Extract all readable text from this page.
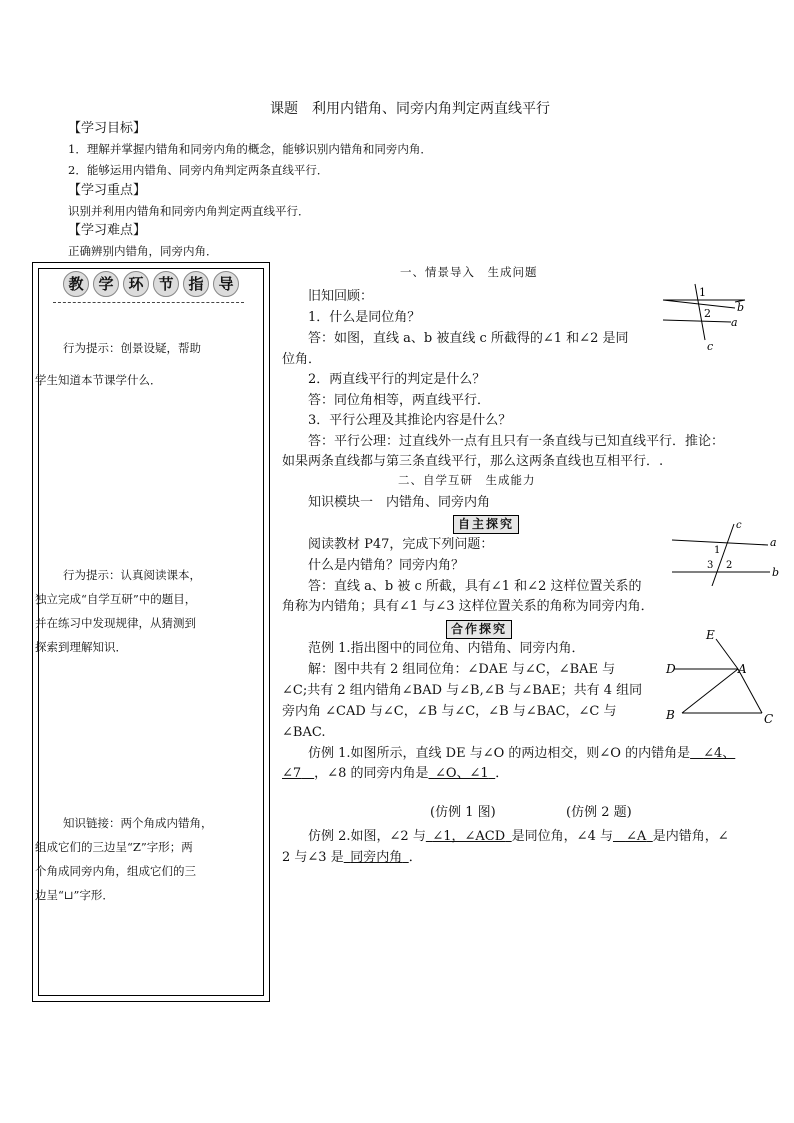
课题　利用内错角、同旁内角判定两直线平行
【学习目标】
1．理解并掌握内错角和同旁内角的概念，能够识别内错角和同旁内角．
2．能够运用内错角、同旁内角判定两条直线平行．
【学习重点】
识别并利用内错角和同旁内角判定两直线平行．
【学习难点】
正确辨别内错角，同旁内角．
教 学 环 节 指 导
行为提示：创景设疑，帮助
学生知道本节课学什么．
行为提示：认真阅读课本，
独立完成“自学互研”中的题目，
并在练习中发现规律，从猜测到
探索到理解知识．
知识链接：两个角成内错角，
组成它们的三边呈“Z”字形；两
个角成同旁内角，组成它们的三
边呈“⊔”字形．
一、情景导入　生成问题
旧知回顾：
1．什么是同位角？
答：如图，直线 a、b 被直线 c 所截得的∠1 和∠2 是同
位角．
2．两直线平行的判定是什么？
答：同位角相等，两直线平行．
3．平行公理及其推论内容是什么？
答：平行公理：过直线外一点有且只有一条直线与已知直线平行．推论：
如果两条直线都与第三条直线平行，那么这两条直线也互相平行．.
1
2 b
a
c
二、自学互研　生成能力
知识模块一　内错角、同旁内角
自主探究
阅读教材 P47，完成下列问题：
什么是内错角？同旁内角？
答：直线 a、b 被 c 所截，具有∠1 和∠2 这样位置关系的
角称为内错角；具有∠1 与∠3 这样位置关系的角称为同旁内角．
c
a
b
1
2
3
合作探究
范例 1.指出图中的同位角、内错角、同旁内角．
解：图中共有 2 组同位角：∠DAE 与∠C，∠BAE 与
∠C;共有 2 组内错角∠BAD 与∠B,∠B 与∠BAE；共有 4 组同
旁内角 ∠CAD 与∠C，∠B 与∠C，∠B 与∠BAC，∠C 与
∠BAC.
D
E
A
B	C
仿例 1.如图所示，直线 DE 与∠O 的两边相交，则∠O 的内错角是  ∠4、
∠7  ，∠8 的同旁内角是  ∠O、∠1  ．
(仿例 1 图)	(仿例 2 题)
仿例 2.如图，∠2 与  ∠1，∠ACD  是同位角，∠4 与  ∠A  是内错角，∠
2 与∠3 是  同旁内角  ．
